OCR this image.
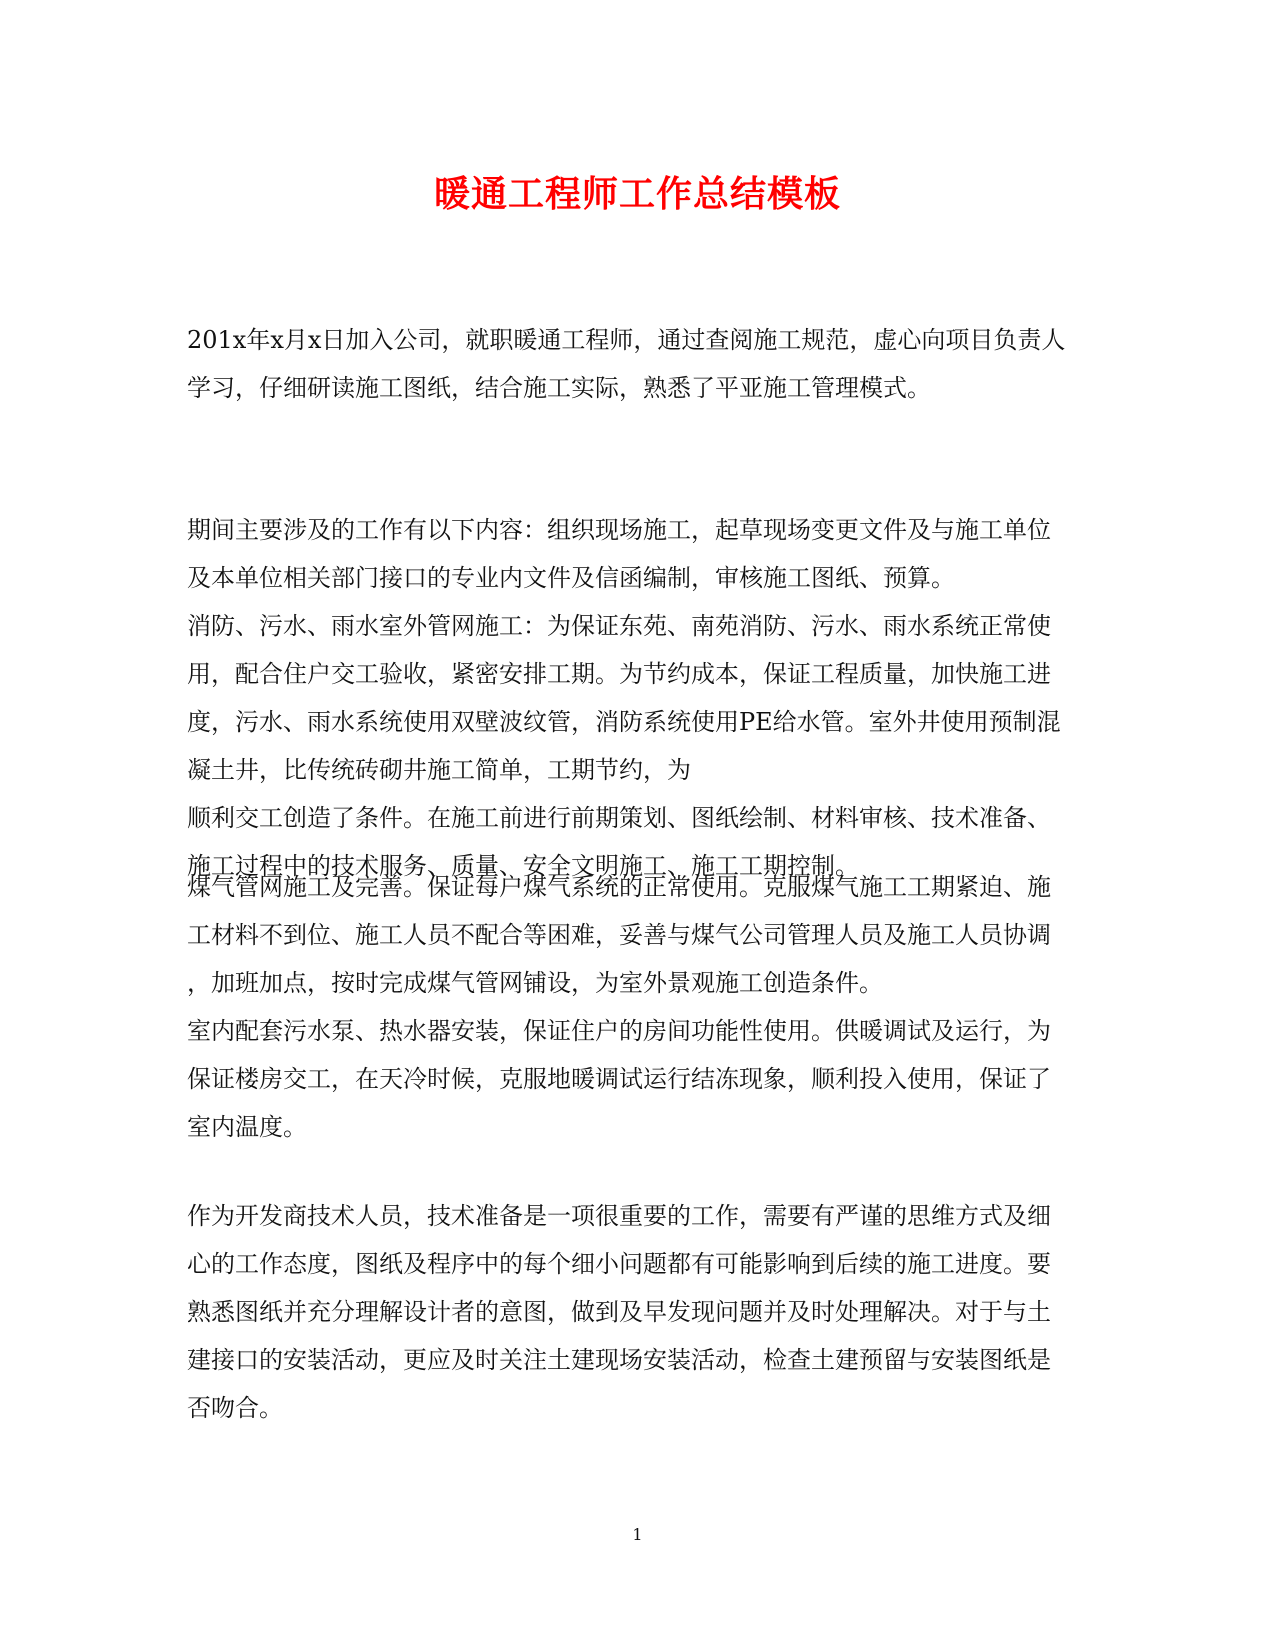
暖通工程师工作总结模板
201x年x月x日加入公司，就职暖通工程师，通过查阅施工规范，虚心向项目负责人
学习，仔细研读施工图纸，结合施工实际，熟悉了平亚施工管理模式。
期间主要涉及的工作有以下内容：组织现场施工，起草现场变更文件及与施工单位
及本单位相关部门接口的专业内文件及信函编制，审核施工图纸、预算。
消防、污水、雨水室外管网施工：为保证东苑、南苑消防、污水、雨水系统正常使
用，配合住户交工验收，紧密安排工期。为节约成本，保证工程质量，加快施工进
度，污水、雨水系统使用双壁波纹管，消防系统使用PE给水管。室外井使用预制混
凝土井，比传统砖砌井施工简单，工期节约，为
顺利交工创造了条件。在施工前进行前期策划、图纸绘制、材料审核、技术准备、
施工过程中的技术服务、质量、安全文明施工、施工工期控制。
煤气管网施工及完善。保证每户煤气系统的正常使用。克服煤气施工工期紧迫、施
工材料不到位、施工人员不配合等困难，妥善与煤气公司管理人员及施工人员协调
，加班加点，按时完成煤气管网铺设，为室外景观施工创造条件。
室内配套污水泵、热水器安装，保证住户的房间功能性使用。供暖调试及运行，为
保证楼房交工，在天冷时候，克服地暖调试运行结冻现象，顺利投入使用，保证了
室内温度。
作为开发商技术人员，技术准备是一项很重要的工作，需要有严谨的思维方式及细
心的工作态度，图纸及程序中的每个细小问题都有可能影响到后续的施工进度。要
熟悉图纸并充分理解设计者的意图，做到及早发现问题并及时处理解决。对于与土
建接口的安装活动，更应及时关注土建现场安装活动，检查土建预留与安装图纸是
否吻合。
1
